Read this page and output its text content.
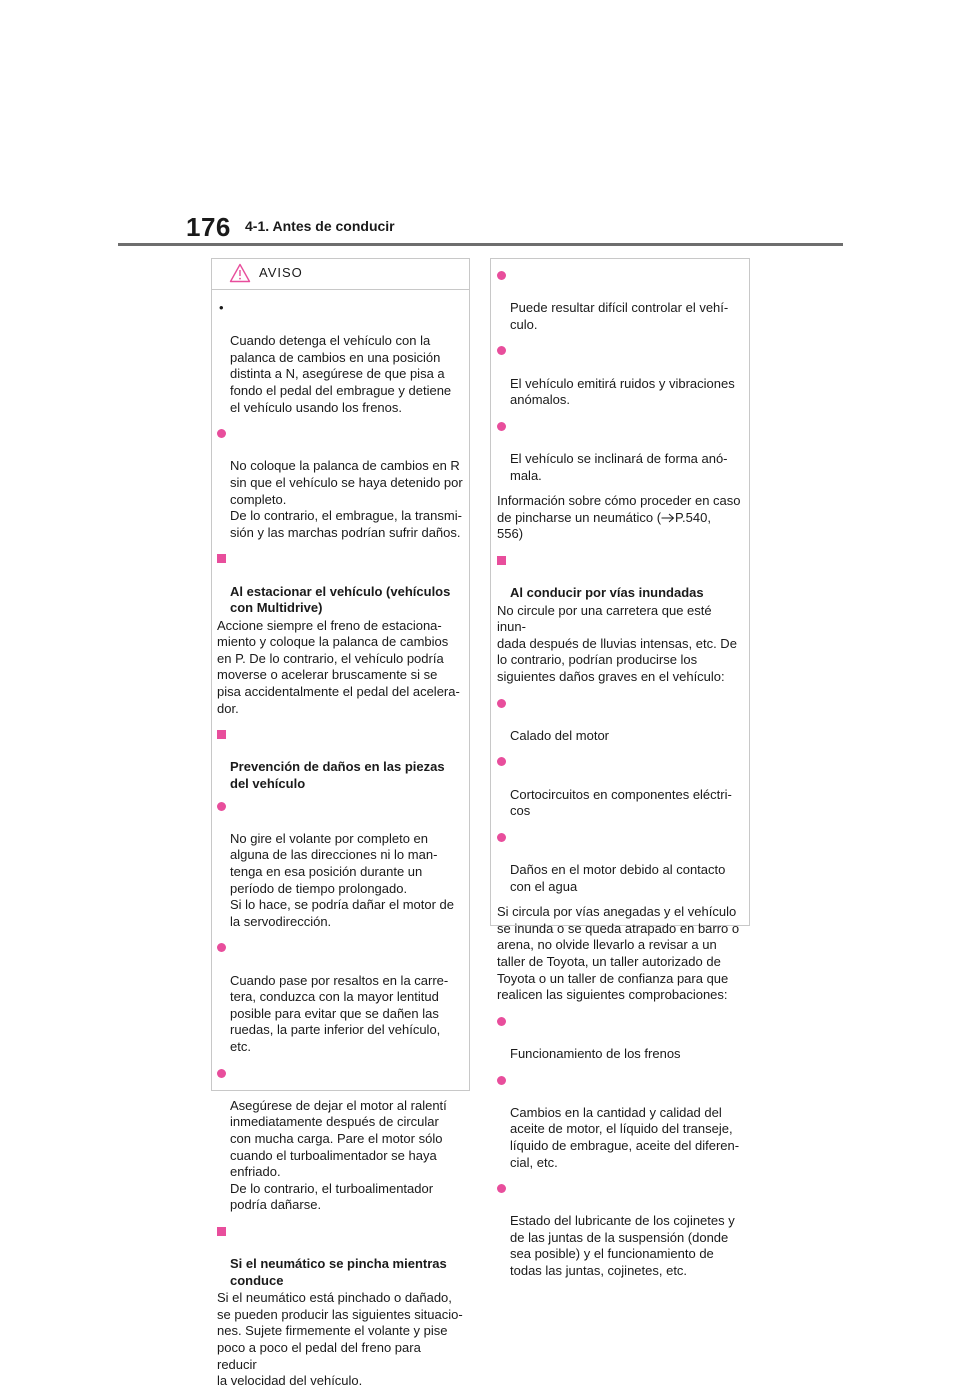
176 4-1. Antes de conducir
AVISO

•

Cuando detenga el vehículo con la
palanca de cambios en una posición
distinta a N, asegúrese de que pisa a
fondo el pedal del embrague y detiene
el vehículo usando los frenos.

No coloque la palanca de cambios en R
sin que el vehículo se haya detenido por
completo.
De lo contrario, el embrague, la transmi-
sión y las marchas podrían sufrir daños.

Al estacionar el vehículo (vehículos
con Multidrive)

Accione siempre el freno de estaciona-
miento y coloque la palanca de cambios
en P. De lo contrario, el vehículo podría
moverse o acelerar bruscamente si se
pisa accidentalmente el pedal del acelera-
dor.

Prevención de daños en las piezas
del vehículo

No gire el volante por completo en
alguna de las direcciones ni lo man-
tenga en esa posición durante un
período de tiempo prolongado.
Si lo hace, se podría dañar el motor de
la servodirección.

Cuando pase por resaltos en la carre-
tera, conduzca con la mayor lentitud
posible para evitar que se dañen las
ruedas, la parte inferior del vehículo,
etc.

Asegúrese de dejar el motor al ralentí
inmediatamente después de circular
con mucha carga. Pare el motor sólo
cuando el turboalimentador se haya
enfriado.
De lo contrario, el turboalimentador
podría dañarse.

Si el neumático se pincha mientras
conduce

Si el neumático está pinchado o dañado,
se pueden producir las siguientes situacio-
nes. Sujete firmemente el volante y pise
poco a poco el pedal del freno para reducir
la velocidad del vehículo.

Puede resultar difícil controlar el vehí-
culo.

El vehículo emitirá ruidos y vibraciones
anómalos.

El vehículo se inclinará de forma anó-
mala.

Información sobre cómo proceder en caso
de pincharse un neumático ( P.540,
556)

Al conducir por vías inundadas

No circule por una carretera que esté inun-
dada después de lluvias intensas, etc. De
lo contrario, podrían producirse los
siguientes daños graves en el vehículo:

Calado del motor

Cortocircuitos en componentes eléctri-
cos

Daños en el motor debido al contacto
con el agua

Si circula por vías anegadas y el vehículo
se inunda o se queda atrapado en barro o
arena, no olvide llevarlo a revisar a un
taller de Toyota, un taller autorizado de
Toyota o un taller de confianza para que
realicen las siguientes comprobaciones:

Funcionamiento de los frenos

Cambios en la cantidad y calidad del
aceite de motor, el líquido del transeje,
líquido de embrague, aceite del diferen-
cial, etc.

Estado del lubricante de los cojinetes y
de las juntas de la suspensión (donde
sea posible) y el funcionamiento de
todas las juntas, cojinetes, etc.
